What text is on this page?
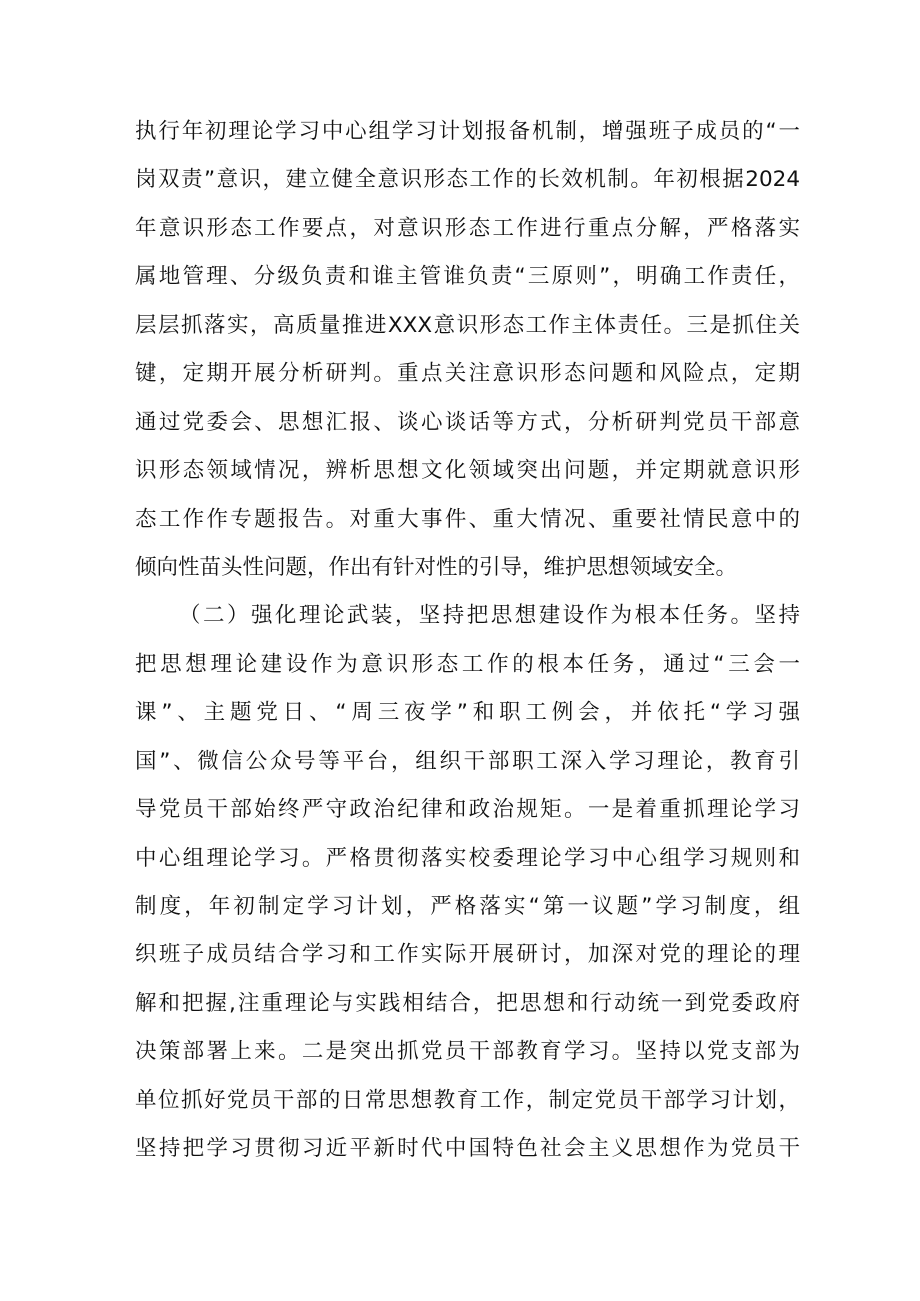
执行年初理论学习中心组学习计划报备机制，增强班子成员的“一
岗双责”意识，建立健全意识形态工作的长效机制。年初根据2024
年意识形态工作要点，对意识形态工作进行重点分解，严格落实
属地管理、分级负责和谁主管谁负责“三原则”，明确工作责任，
层层抓落实，高质量推进XXX意识形态工作主体责任。三是抓住关
键，定期开展分析研判。重点关注意识形态问题和风险点，定期
通过党委会、思想汇报、谈心谈话等方式，分析研判党员干部意
识形态领域情况，辨析思想文化领域突出问题，并定期就意识形
态工作作专题报告。对重大事件、重大情况、重要社情民意中的
倾向性苗头性问题，作出有针对性的引导，维护思想领域安全。
（二）强化理论武装，坚持把思想建设作为根本任务。坚持
把思想理论建设作为意识形态工作的根本任务，通过“三会一
课”、主题党日、“周三夜学”和职工例会，并依托“学习强
国”、微信公众号等平台，组织干部职工深入学习理论，教育引
导党员干部始终严守政治纪律和政治规矩。一是着重抓理论学习
中心组理论学习。严格贯彻落实校委理论学习中心组学习规则和
制度，年初制定学习计划，严格落实“第一议题”学习制度，组
织班子成员结合学习和工作实际开展研讨，加深对党的理论的理
解和把握,注重理论与实践相结合，把思想和行动统一到党委政府
决策部署上来。二是突出抓党员干部教育学习。坚持以党支部为
单位抓好党员干部的日常思想教育工作，制定党员干部学习计划，
坚持把学习贯彻习近平新时代中国特色社会主义思想作为党员干
